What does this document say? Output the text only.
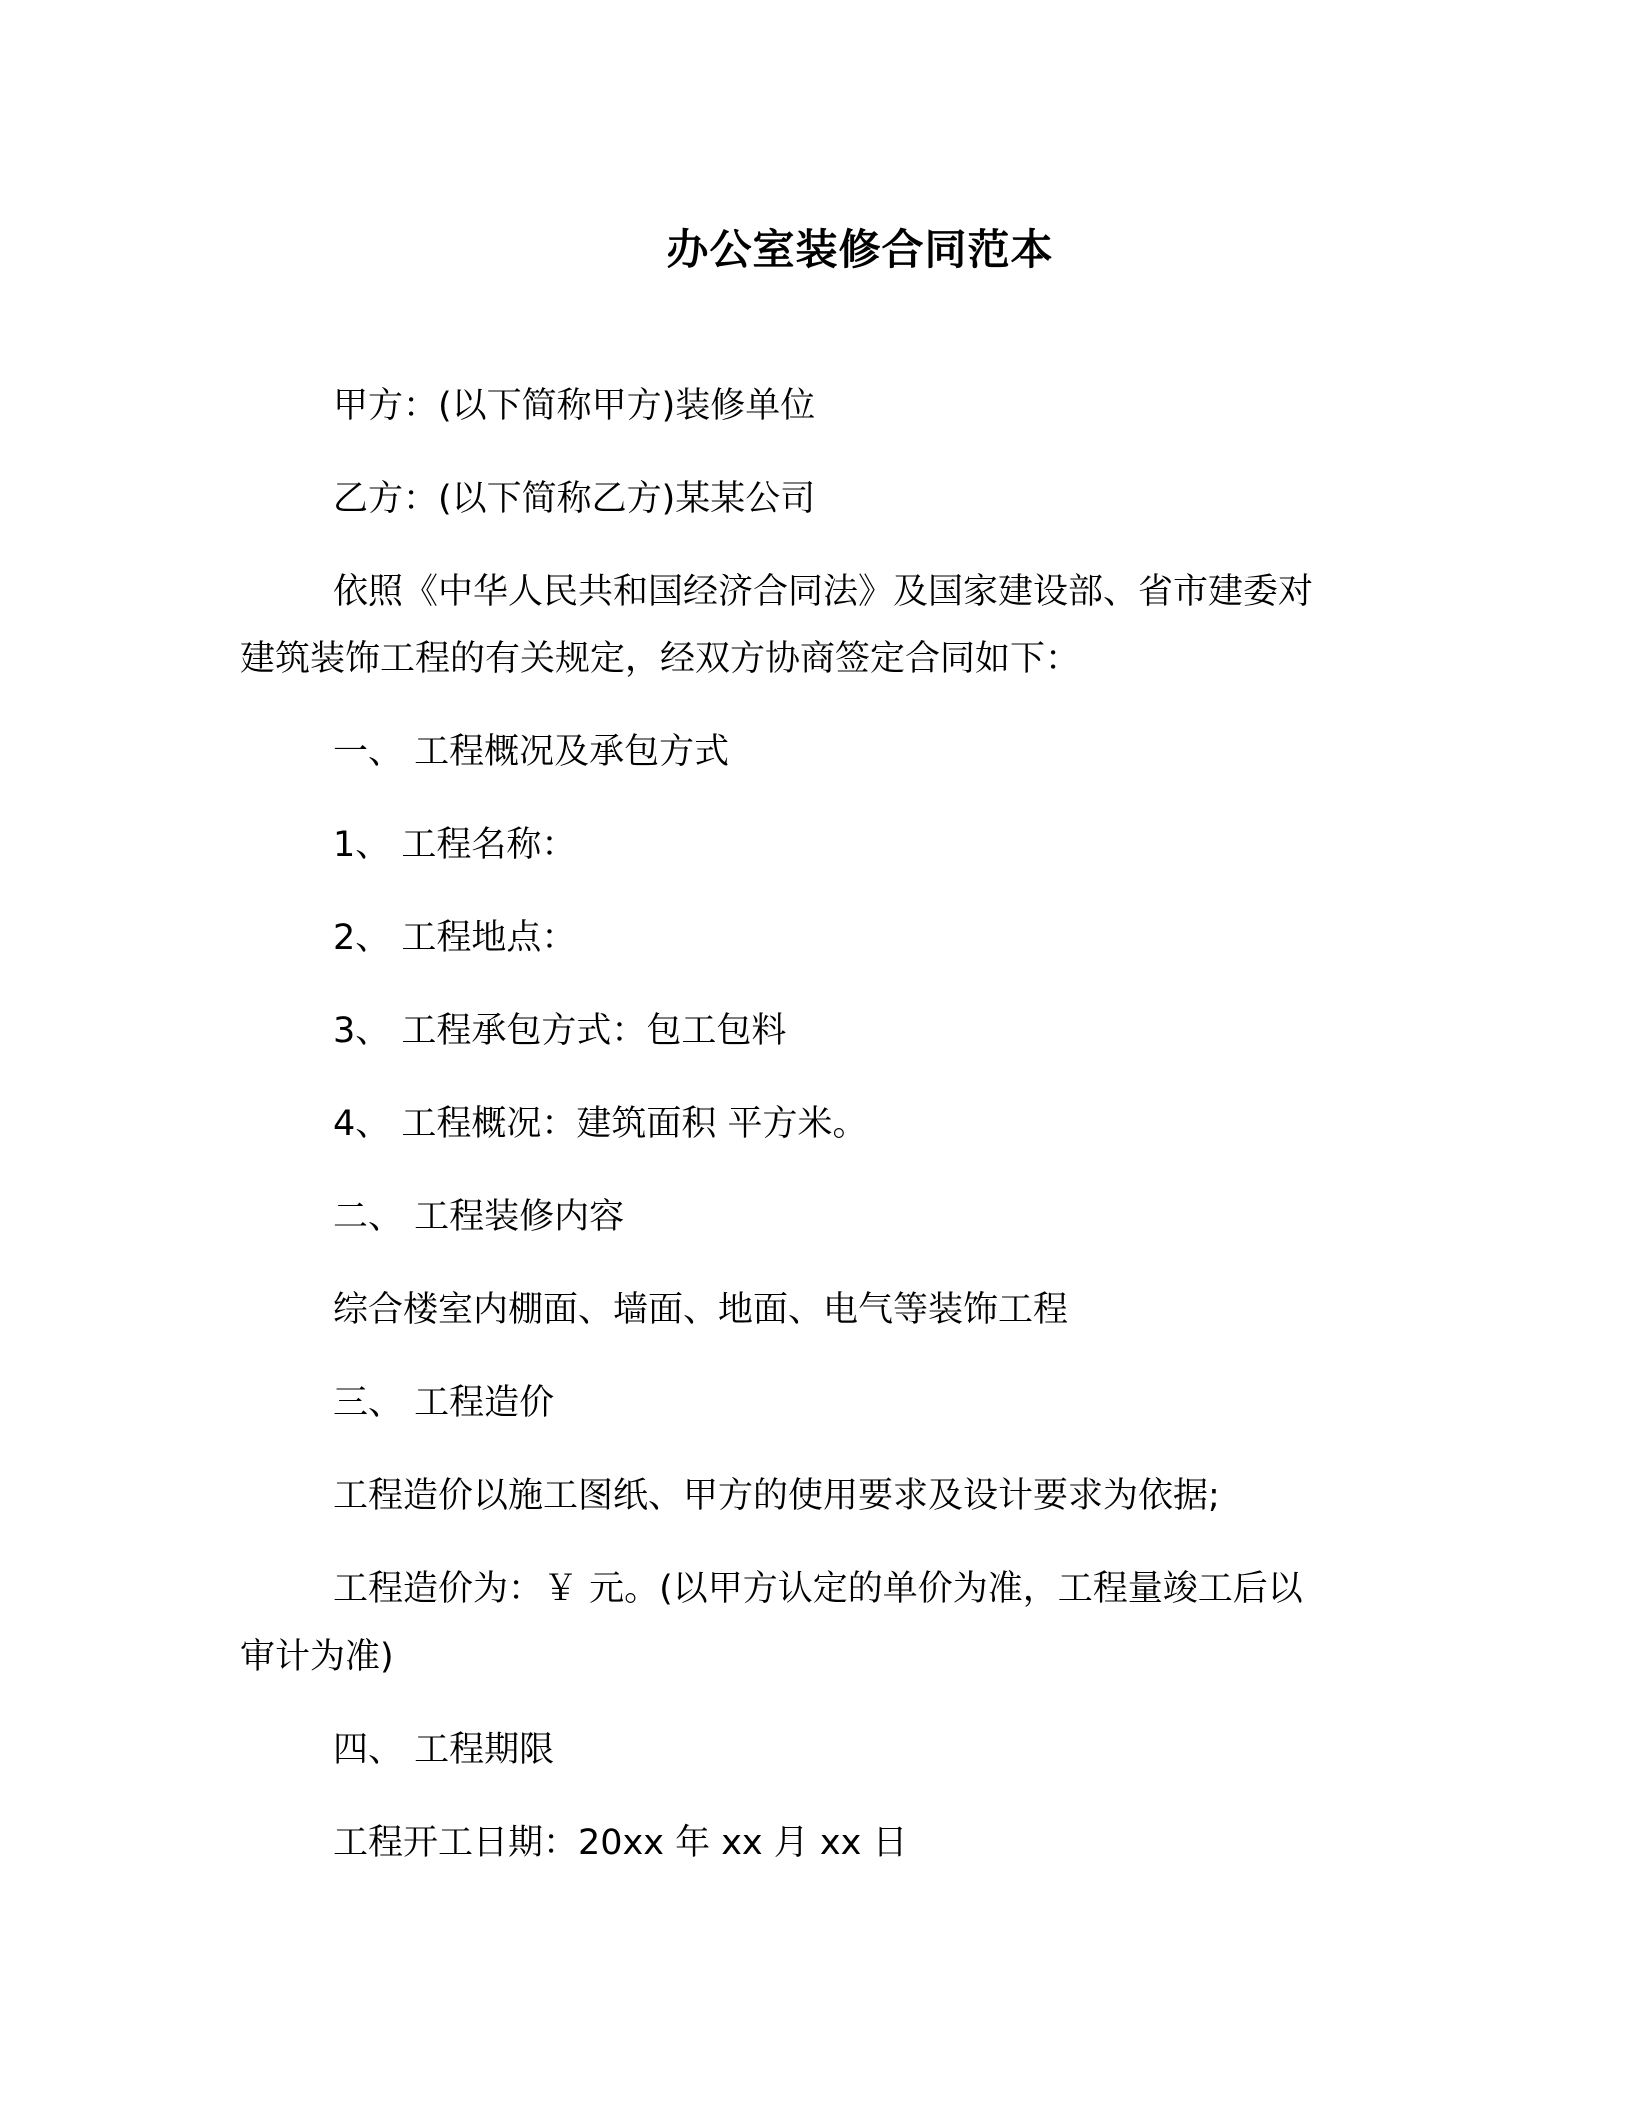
办公室装修合同范本
甲方：(以下简称甲方)装修单位
乙方：(以下简称乙方)某某公司
依照《中华人民共和国经济合同法》及国家建设部、省市建委对
建筑装饰工程的有关规定，经双方协商签定合同如下：
一、 工程概况及承包方式
1、 工程名称：
2、 工程地点：
3、 工程承包方式：包工包料
4、 工程概况：建筑面积 平方米。
二、 工程装修内容
综合楼室内棚面、墙面、地面、电气等装饰工程
三、 工程造价
工程造价以施工图纸、甲方的使用要求及设计要求为依据;
工程造价为：￥ 元。(以甲方认定的单价为准，工程量竣工后以
审计为准)
四、 工程期限
工程开工日期：20xx 年 xx 月 xx 日
